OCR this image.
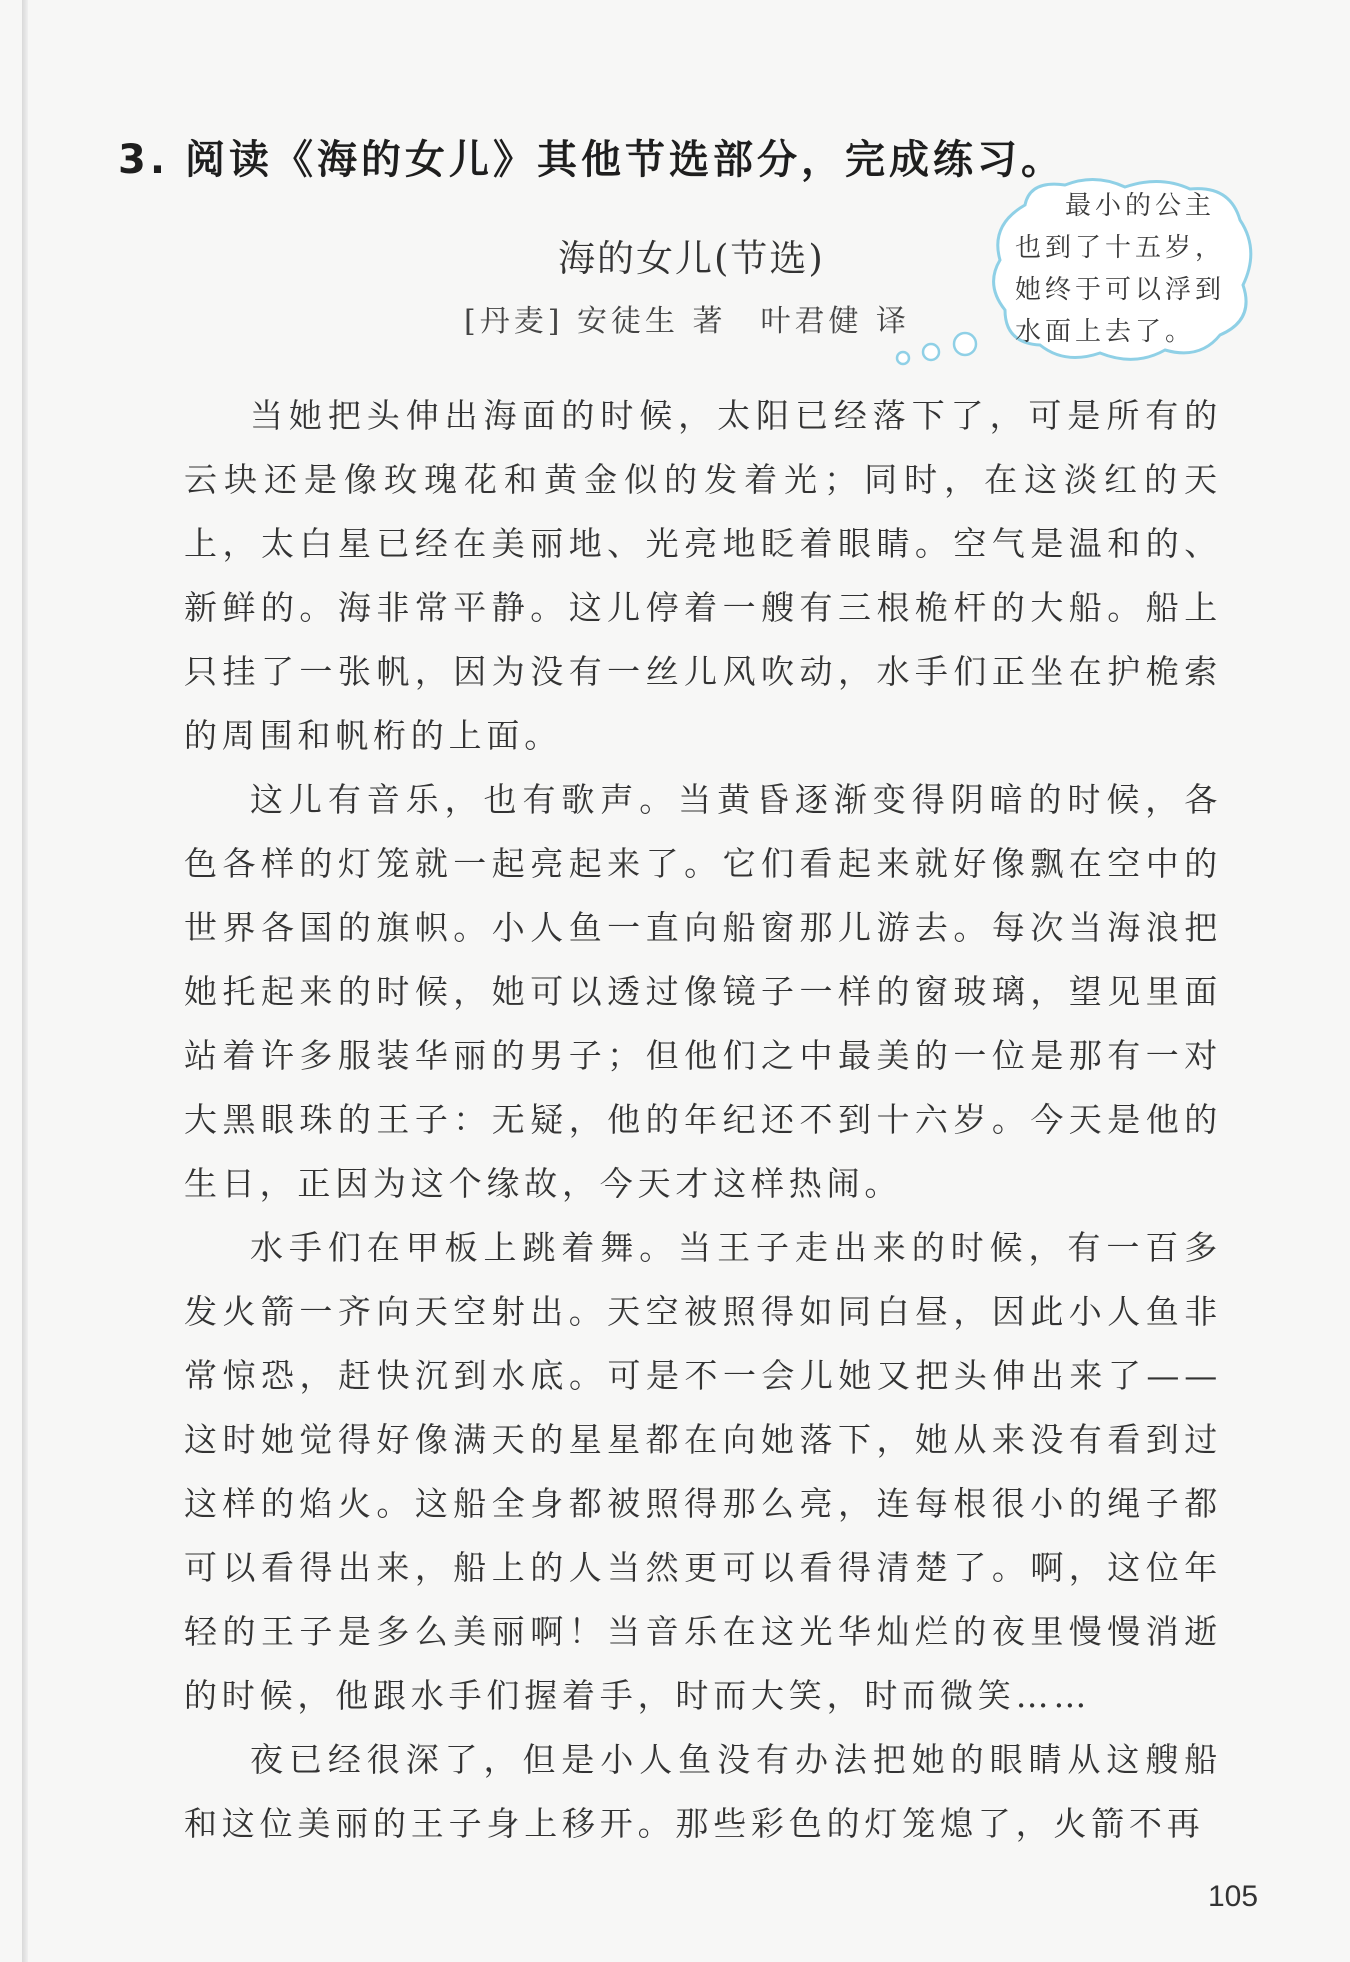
3. 阅读《海的女儿》其他节选部分，完成练习。
海的女儿(节选)
[丹麦] 安徒生 著 叶君健 译
最小的公主
也到了十五岁，
她终于可以浮到
水面上去了。

当她把头伸出海面的时候，太阳已经落下了，可是所有的云块还是像玫瑰花和黄金似的发着光；同时，在这淡红的天上，太白星已经在美丽地、光亮地眨着眼睛。空气是温和的、新鲜的。海非常平静。这儿停着一艘有三根桅杆的大船。船上只挂了一张帆，因为没有一丝儿风吹动，水手们正坐在护桅索的周围和帆桁的上面。

这儿有音乐，也有歌声。当黄昏逐渐变得阴暗的时候，各色各样的灯笼就一起亮起来了。它们看起来就好像飘在空中的世界各国的旗帜。小人鱼一直向船窗那儿游去。每次当海浪把她托起来的时候，她可以透过像镜子一样的窗玻璃，望见里面站着许多服装华丽的男子；但他们之中最美的一位是那有一对大黑眼珠的王子：无疑，他的年纪还不到十六岁。今天是他的生日，正因为这个缘故，今天才这样热闹。

水手们在甲板上跳着舞。当王子走出来的时候，有一百多发火箭一齐向天空射出。天空被照得如同白昼，因此小人鱼非常惊恐，赶快沉到水底。可是不一会儿她又把头伸出来了——这时她觉得好像满天的星星都在向她落下，她从来没有看到过这样的焰火。这船全身都被照得那么亮，连每根很小的绳子都可以看得出来，船上的人当然更可以看得清楚了。啊，这位年轻的王子是多么美丽啊！当音乐在这光华灿烂的夜里慢慢消逝的时候，他跟水手们握着手，时而大笑，时而微笑……

夜已经很深了，但是小人鱼没有办法把她的眼睛从这艘船和这位美丽的王子身上移开。那些彩色的灯笼熄了，火箭不再

105
